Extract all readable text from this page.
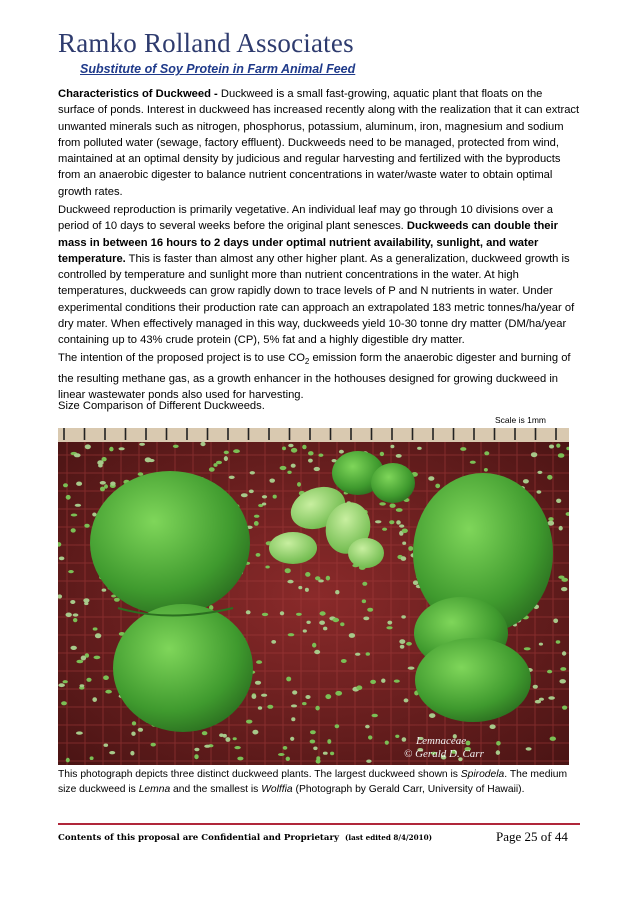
Ramko Rolland Associates
Substitute of Soy Protein in Farm Animal Feed

Characteristics of Duckweed - Duckweed is a small fast-growing, aquatic plant that floats on the surface of ponds. Interest in duckweed has increased recently along with the realization that it can extract unwanted minerals such as nitrogen, phosphorus, potassium, aluminum, iron, magnesium and sodium from polluted water (sewage, factory effluent). Duckweeds need to be managed, protected from wind, maintained at an optimal density by judicious and regular harvesting and fertilized with the byproducts from an anaerobic digester to balance nutrient concentrations in water/waste water to obtain optimal growth rates.

Duckweed reproduction is primarily vegetative. An individual leaf may go through 10 divisions over a period of 10 days to several weeks before the original plant senesces. Duckweeds can double their mass in between 16 hours to 2 days under optimal nutrient availability, sunlight, and water temperature. This is faster than almost any other higher plant. As a generalization, duckweed growth is controlled by temperature and sunlight more than nutrient concentrations in the water. At high temperatures, duckweeds can grow rapidly down to trace levels of P and N nutrients in water. Under experimental conditions their production rate can approach an extrapolated 183 metric tonnes/ha/year of dry mater. When effectively managed in this way, duckweeds yield 10-30 tonne dry matter (DM/ha/year containing up to 43% crude protein (CP), 5% fat and a highly digestible dry matter.

The intention of the proposed project is to use $CO_2$ emission form the anaerobic digester and burning of the resulting methane gas, as a growth enhancer in the hothouses designed for growing duckweed in linear wastewater ponds also used for harvesting.

Size Comparison of Different Duckweeds.
Scale is 1mm
Lemnaceae
© Gerald D. Carr

This photograph depicts three distinct duckweed plants. The largest duckweed shown is Spirodela. The medium size duckweed is Lemna and the smallest is Wolffia (Photograph by Gerald Carr, University of Hawaii).

Contents of this proposal are Confidential and Proprietary (last edited 8/4/2010)	Page 25 of 44
